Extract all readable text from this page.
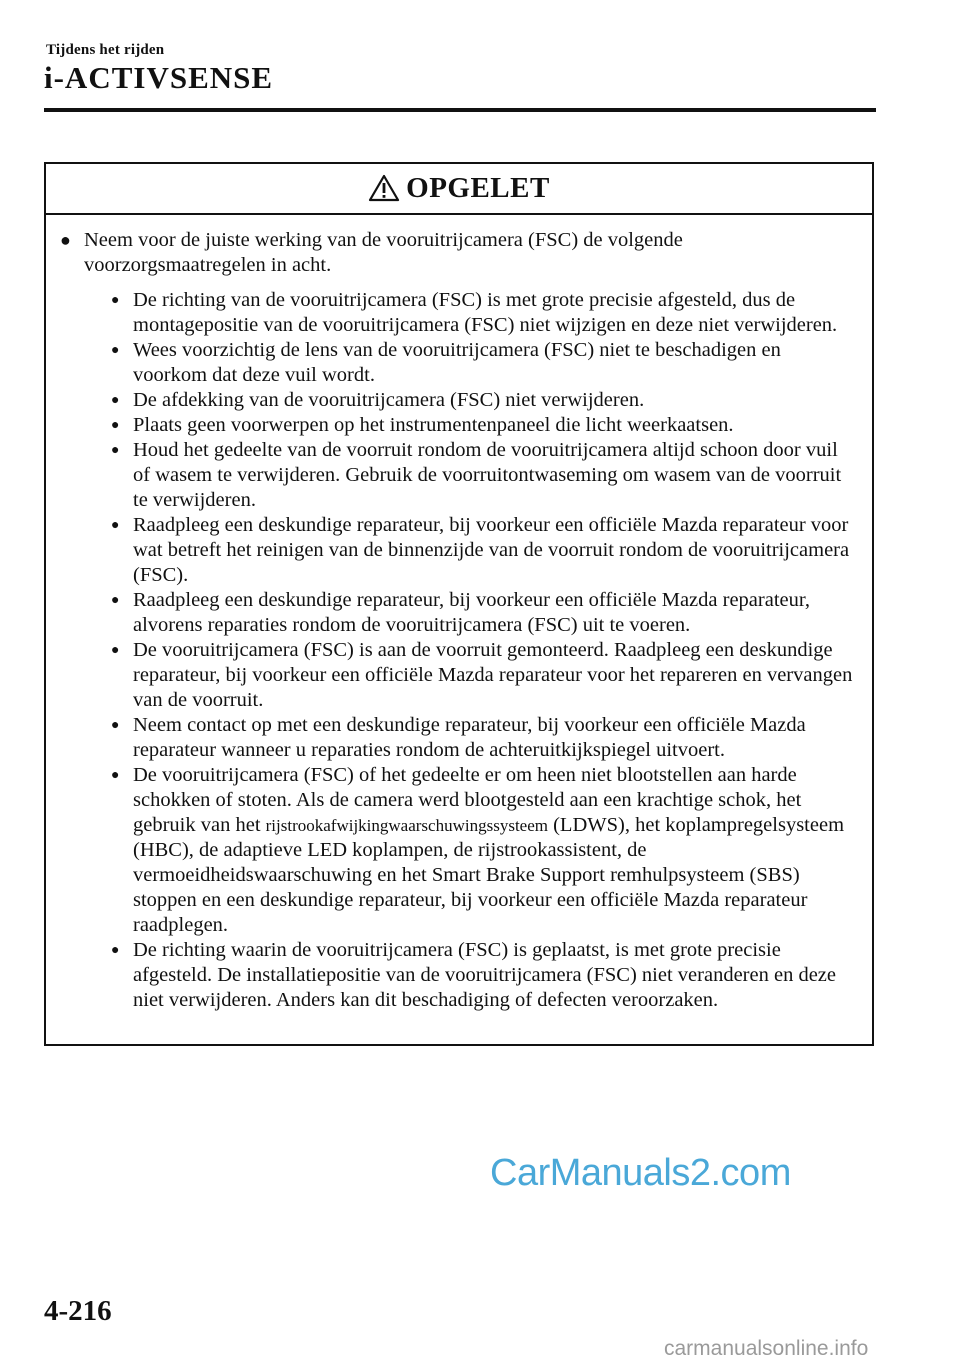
Tijdens het rijden
i-ACTIVSENSE
OPGELET
● Neem voor de juiste werking van de vooruitrijcamera (FSC) de volgende voorzorgsmaatregelen in acht.
● De richting van de vooruitrijcamera (FSC) is met grote precisie afgesteld, dus de montagepositie van de vooruitrijcamera (FSC) niet wijzigen en deze niet verwijderen.
● Wees voorzichtig de lens van de vooruitrijcamera (FSC) niet te beschadigen en voorkom dat deze vuil wordt.
● De afdekking van de vooruitrijcamera (FSC) niet verwijderen.
● Plaats geen voorwerpen op het instrumentenpaneel die licht weerkaatsen.
● Houd het gedeelte van de voorruit rondom de vooruitrijcamera altijd schoon door vuil of wasem te verwijderen. Gebruik de voorruitontwaseming om wasem van de voorruit te verwijderen.
● Raadpleeg een deskundige reparateur, bij voorkeur een officiële Mazda reparateur voor wat betreft het reinigen van de binnenzijde van de voorruit rondom de vooruitrijcamera (FSC).
● Raadpleeg een deskundige reparateur, bij voorkeur een officiële Mazda reparateur, alvorens reparaties rondom de vooruitrijcamera (FSC) uit te voeren.
● De vooruitrijcamera (FSC) is aan de voorruit gemonteerd. Raadpleeg een deskundige reparateur, bij voorkeur een officiële Mazda reparateur voor het repareren en vervangen van de voorruit.
● Neem contact op met een deskundige reparateur, bij voorkeur een officiële Mazda reparateur wanneer u reparaties rondom de achteruitkijkspiegel uitvoert.
● De vooruitrijcamera (FSC) of het gedeelte er om heen niet blootstellen aan harde schokken of stoten. Als de camera werd blootgesteld aan een krachtige schok, het gebruik van het rijstrookafwijkingwaarschuwingssysteem (LDWS), het koplampregelsysteem (HBC), de adaptieve LED koplampen, de rijstrookassistent, de vermoeidheidswaarschuwing en het Smart Brake Support remhulpsysteem (SBS) stoppen en een deskundige reparateur, bij voorkeur een officiële Mazda reparateur raadplegen.
● De richting waarin de vooruitrijcamera (FSC) is geplaatst, is met grote precisie afgesteld. De installatiepositie van de vooruitrijcamera (FSC) niet veranderen en deze niet verwijderen. Anders kan dit beschadiging of defecten veroorzaken.
CarManuals2.com
4-216
carmanualsonline.info
